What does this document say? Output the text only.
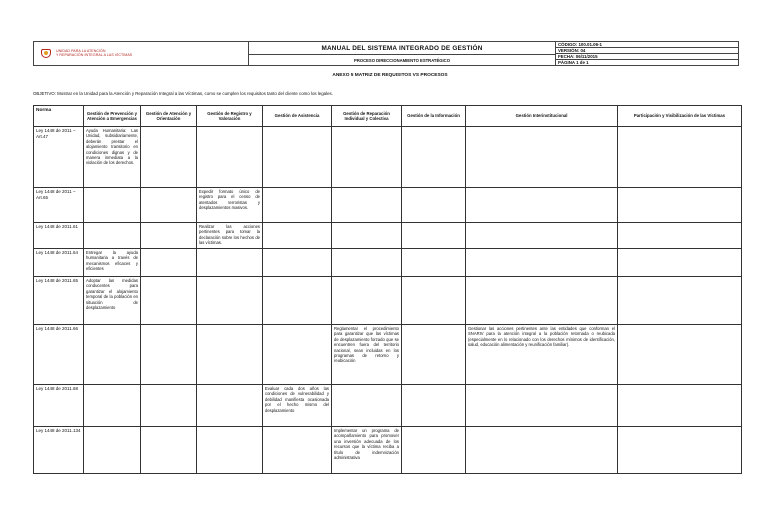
UNIDAD PARA LA ATENCIÓN
Y REPARACIÓN INTEGRAL A LAS VÍCTIMAS
MANUAL DEL SISTEMA INTEGRADO DE GESTIÓN
PROCESO DIRECCIONAMIENTO ESTRATÉGICO
CÓDIGO: 100.01.06-1
VERSIÓN: 04
FECHA: 06/11/2015
PÁGINA 1 de 1
ANEXO 5 MATRIZ DE REQUISITOS VS PROCESOS
OBJETIVO: Mostrar en la Unidad para la Atención y Reparación Integral a las Víctimas, como se cumplen los requisitos tanto del cliente como los legales.
Norma	Gestión de Prevención y Atención a Emergencias	Gestión de Atención y Orientación	Gestión de Registro y Valoración	Gestión de Asistencia	Gestión de Reparación Individual y Colectiva	Gestión de la Información	Gestión Interinstitucional	Participación y Visibilización de las Víctimas
Ley 1448 de 2011 – Art.47	Ayuda Humanitaria: Las Unidad, subsidiariamente, deberán prestar el alojamiento transitorio en condiciones dignas y de manera inmediata a la violación de los derechos.							
Ley 1448 de 2011 – Art.65			Expedir formato único de registro para el censo de atentados terroristas y desplazamientos masivos.					
Ley 1448 de 2011.61			Realizar las acciones pertinentes para tomar la declaración sobre los hechos de las víctimas.					
Ley 1448 de 2011.64	Entregar la ayuda humanitaria a través de mecanismos eficaces y eficientes							
Ley 1448 de 2011.65	Adoptar las medidas conducentes para garantizar el alojamiento temporal de la población en situación de desplazamiento							
Ley 1448 de 2011.66					Reglamentar el procedimiento para garantizar que las víctimas de desplazamiento forzado que se encuentren fuera del territorio nacional, sean incluidas en los programas de retorno y reubicación		Gestionar las acciones pertinentes ante las entidades que conforman el SNARIV para la atención integral a la población retornada o reubicada (especialmente en lo relacionado con los derechos mínimos de identificación, salud, educación alimentación y reunificación familiar).	
Ley 1448 de 2011.68				Evaluar cada dos años las condiciones de vulnerabilidad y debilidad manifiesta ocasionada por el hecho mismo del desplazamiento				
Ley 1448 de 2011.134					Implementar un programa de acompañamiento para promover una inversión adecuada de los recursos que la víctima reciba a título de indemnización administrativa			
